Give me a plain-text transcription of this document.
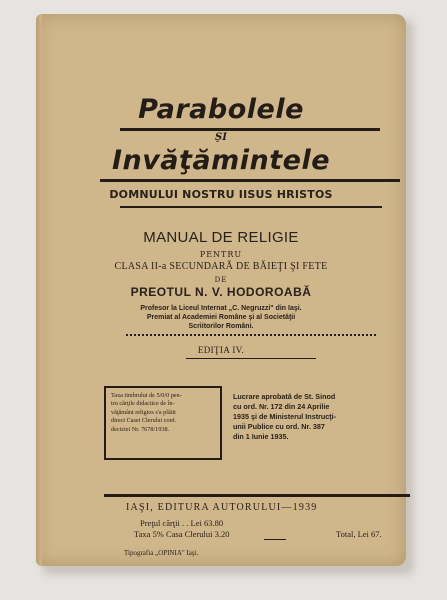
Parabolele
ŞI
Invăţămintele
DOMNULUI NOSTRU IISUS HRISTOS
MANUAL DE RELIGIE
PENTRU
CLASA II-a SECUNDARĂ DE BĂIEŢI ŞI FETE
DE
PREOTUL N. V. HODOROABĂ
Profesor la Liceul Internat „C. Negruzzi" din Iaşi.
Premiat al Academiei Române şi al Societăţii
Scriitorilor Români.
EDIŢIA IV.
Taxa timbrului de 5/0/0 pen-
tru cărţile didactice de în-
văţământ religios s'a plătit
direct Casei Clerului conf.
deciziei Nr. 7678/1938.
Lucrare aprobată de St. Sinod
cu ord. Nr. 172 din 24 Aprilie
1935 şi de Ministerul Instrucţi-
unii Publice cu ord. Nr. 387
din 1 Iunie 1935.
IAŞI, EDITURA AUTORULUI—1939
Preţul cărţii . . Lei 63.80
Taxa 5% Casa Clerului 3.20	Total, Lei 67.
Tipografia „OPINIA" Iaşi.
